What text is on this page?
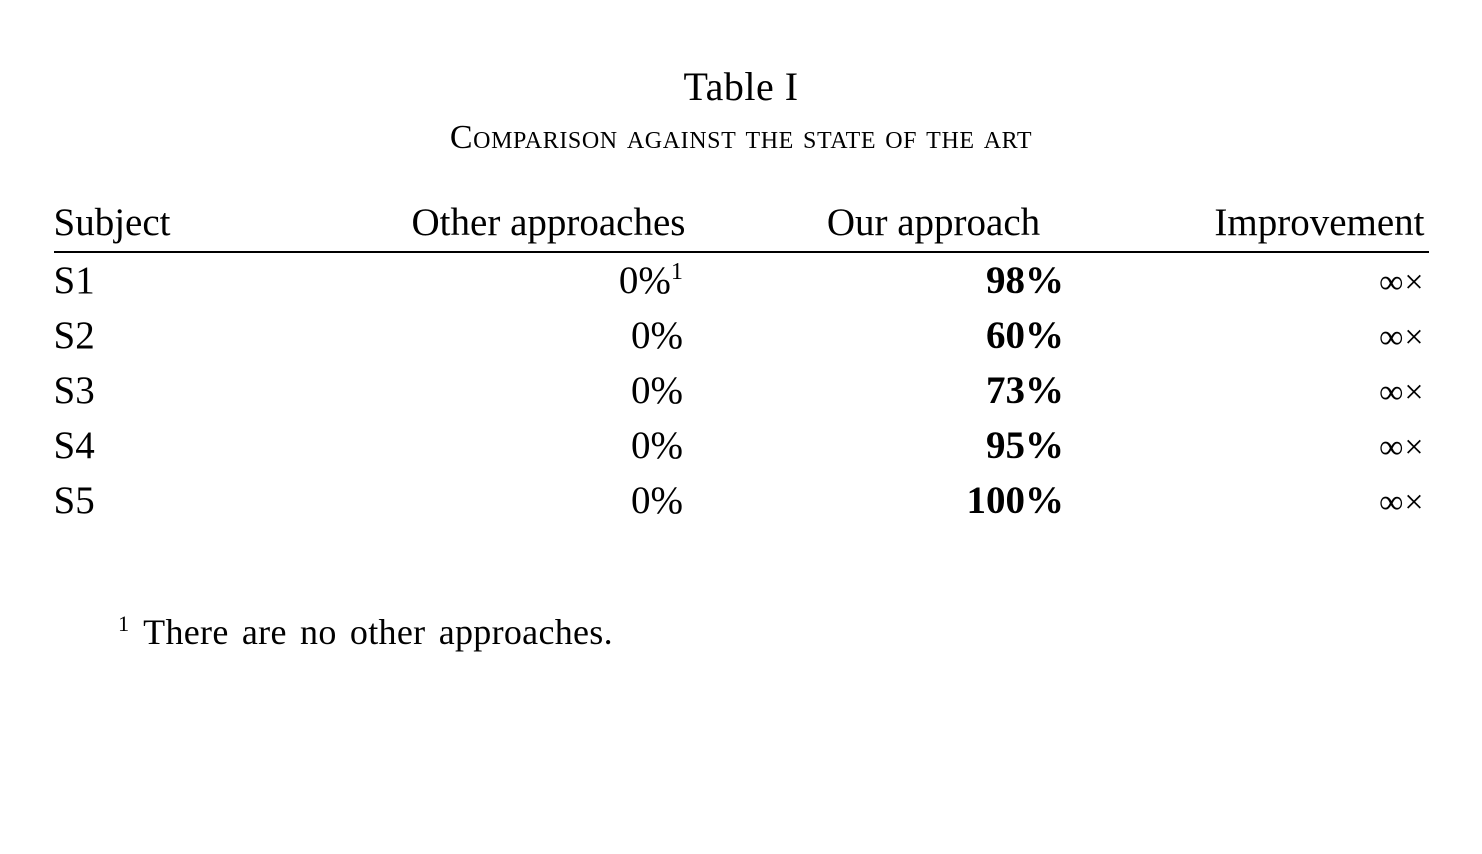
Table I
Comparison against the state of the art
Subject	Other approaches	Our approach	Improvement
S1	0%$^1$	98%	∞×
S2	0%	60%	∞×
S3	0%	73%	∞×
S4	0%	95%	∞×
S5	0%	100%	∞×
$^1$ There are no other approaches.
